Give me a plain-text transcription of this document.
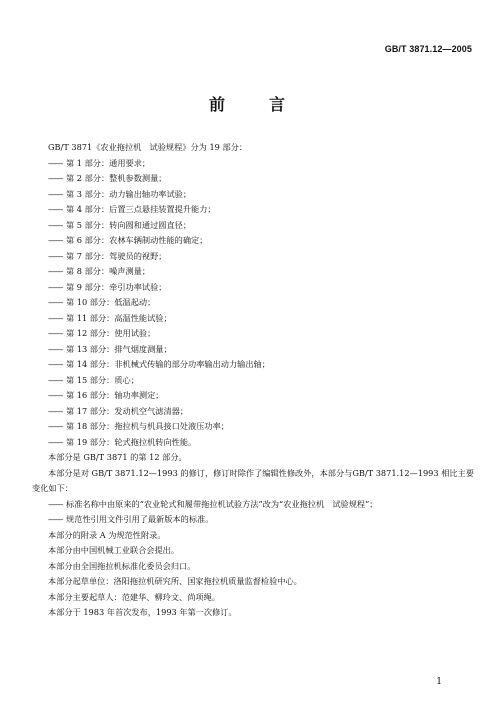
GB/T 3871.12—2005
前　言
GB/T 3871《农业拖拉机　试验规程》分为 19 部分：
—— 第 1 部分：通用要求；
—— 第 2 部分：整机参数测量；
—— 第 3 部分：动力输出轴功率试验；
—— 第 4 部分：后置三点悬挂装置提升能力；
—— 第 5 部分：转向圆和通过圆直径；
—— 第 6 部分：农林车辆制动性能的确定；
—— 第 7 部分：驾驶员的视野；
—— 第 8 部分：噪声测量；
—— 第 9 部分：牵引功率试验；
—— 第 10 部分：低温起动；
—— 第 11 部分：高温性能试验；
—— 第 12 部分：使用试验；
—— 第 13 部分：排气烟度测量；
—— 第 14 部分：非机械式传输的部分功率输出动力输出轴；
—— 第 15 部分：质心；
—— 第 16 部分：轴功率测定；
—— 第 17 部分：发动机空气滤清器；
—— 第 18 部分：拖拉机与机具接口处液压功率；
—— 第 19 部分：轮式拖拉机转向性能。
本部分是 GB/T 3871 的第 12 部分。
本部分是对 GB/T 3871.12—1993 的修订，修订时除作了编辑性修改外，本部分与GB/T 3871.12—1993 相比主要变化如下：
—— 标准名称中由原来的“农业轮式和履带拖拉机试验方法”改为“农业拖拉机　试验规程”；
—— 规范性引用文件引用了最新版本的标准。
本部分的附录 A 为规范性附录。
本部分由中国机械工业联合会提出。
本部分由全国拖拉机标准化委员会归口。
本部分起草单位：洛阳拖拉机研究所、国家拖拉机质量监督检验中心。
本部分主要起草人：范建华、柳玲文、尚项绳。
本部分于 1983 年首次发布，1993 年第一次修订。
1
